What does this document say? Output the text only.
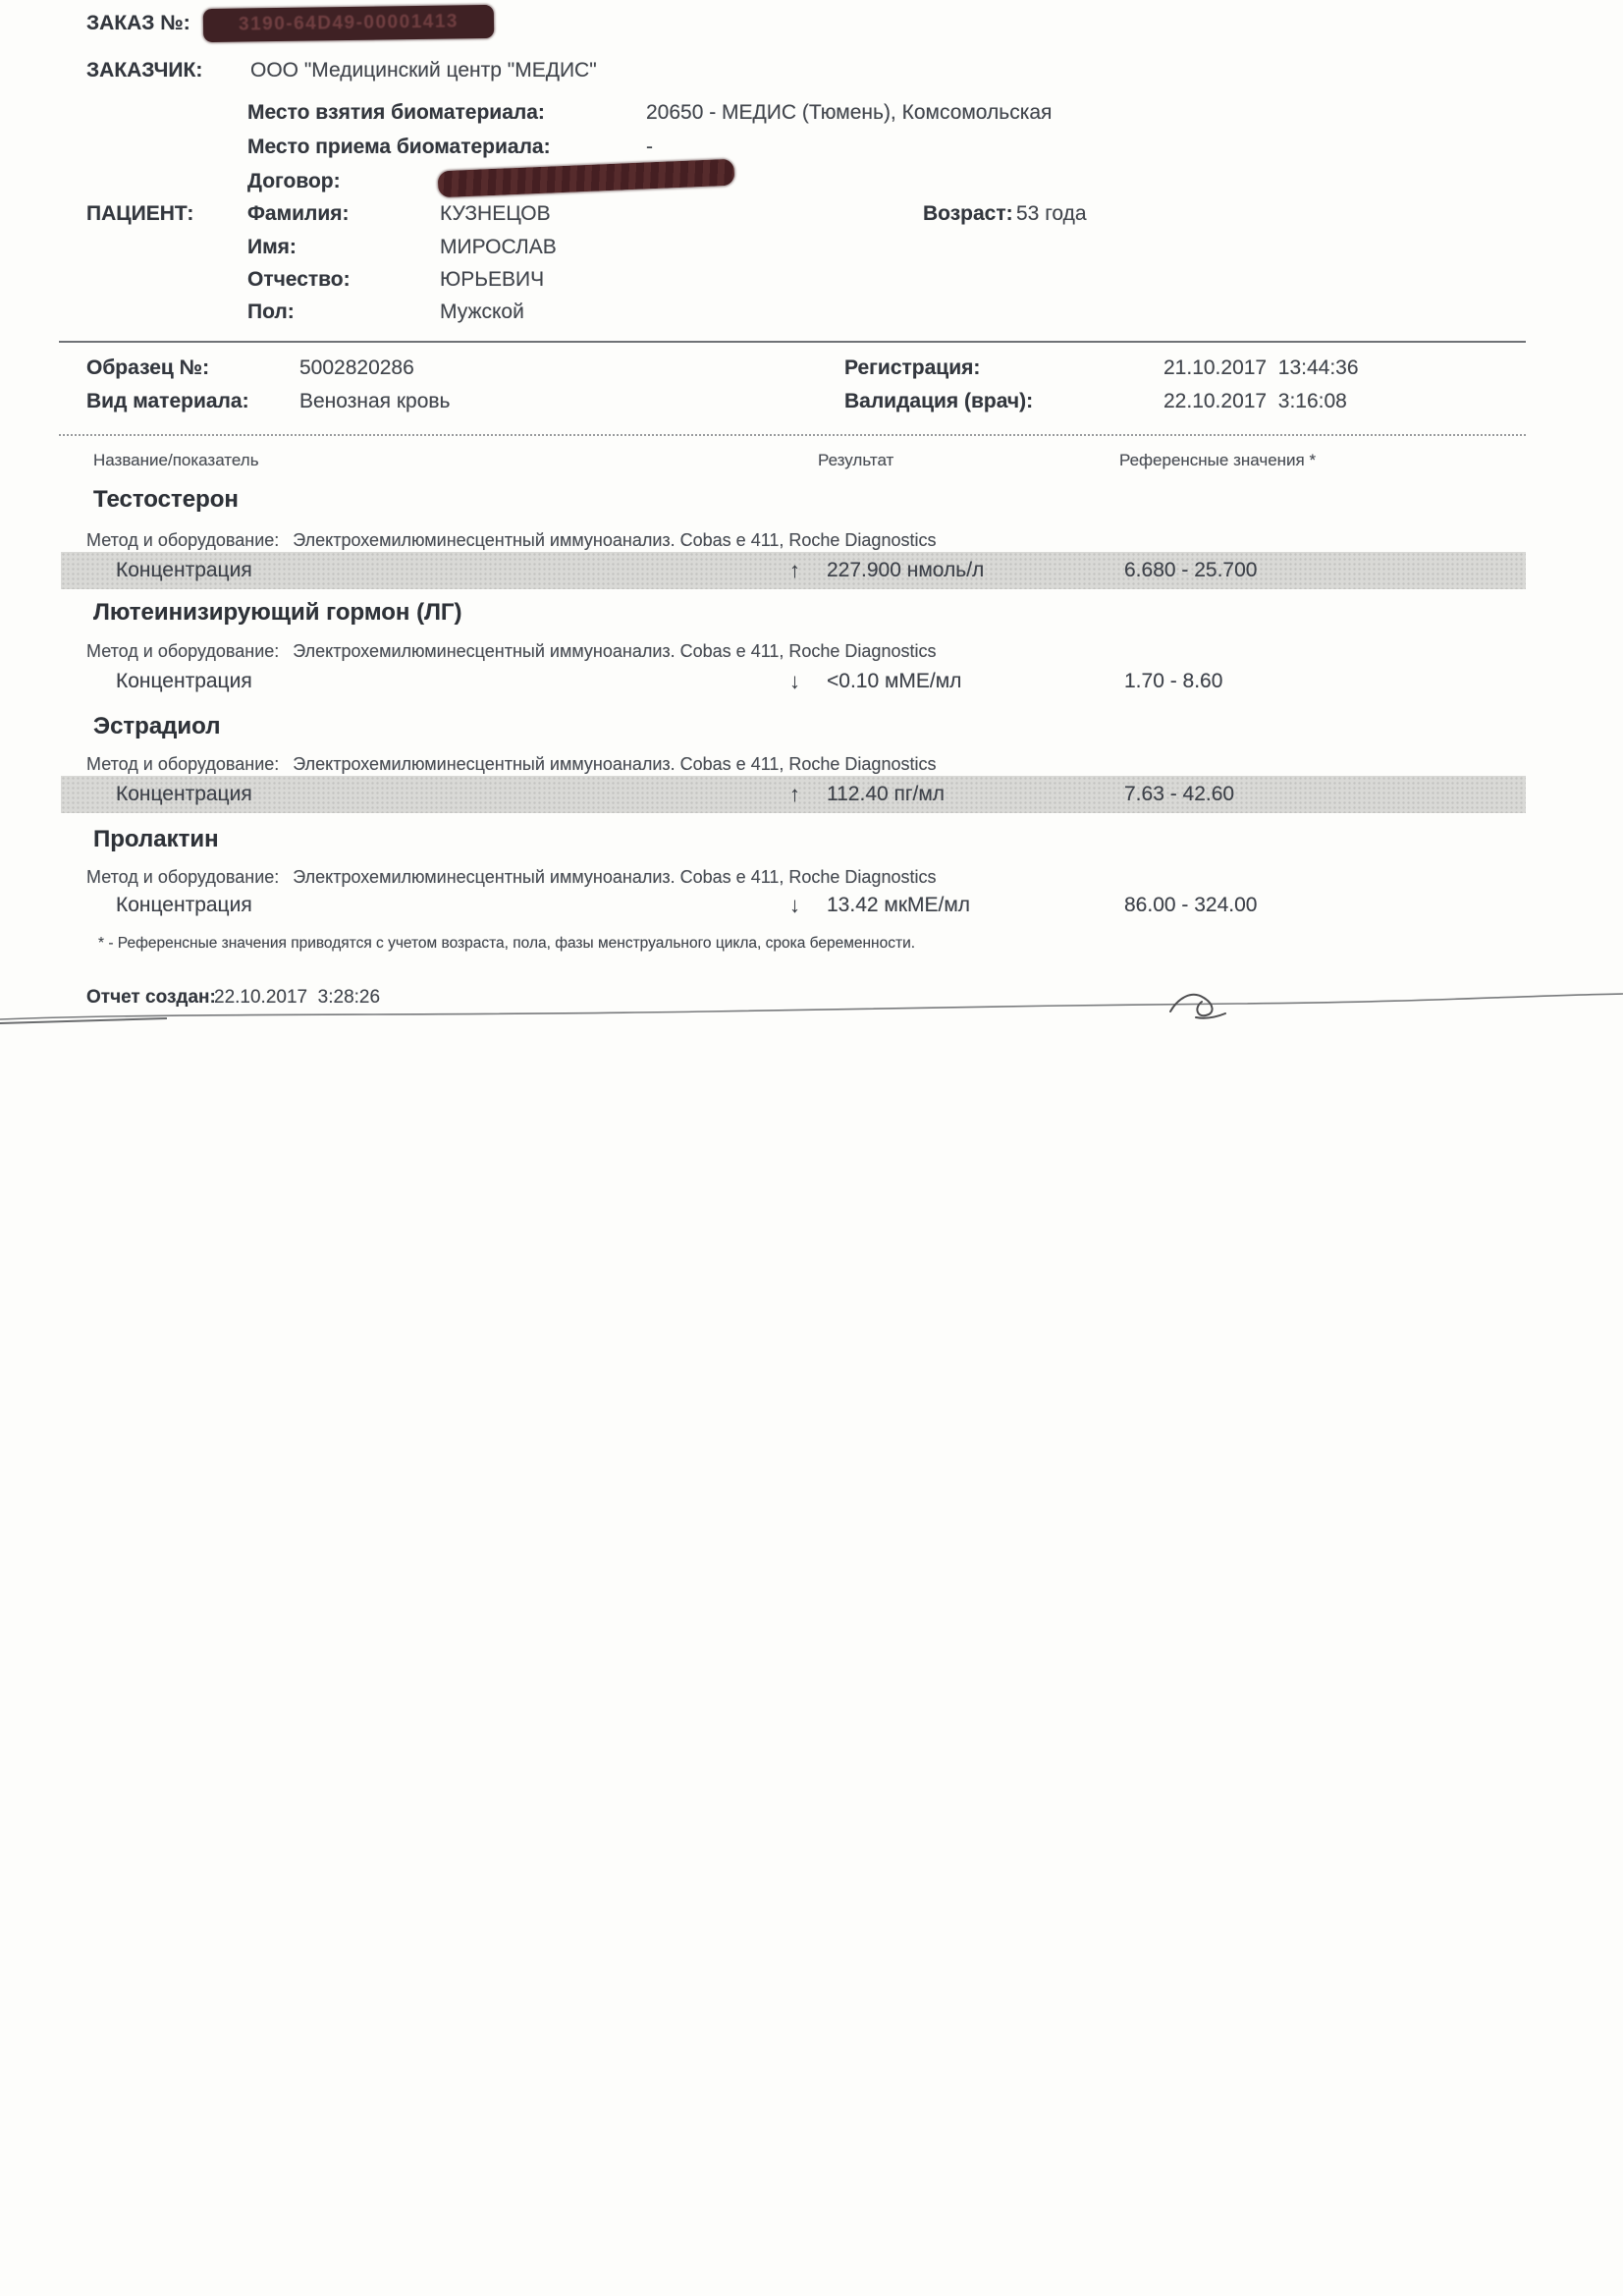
ЗАКАЗ №:	3190-64D49-00001413
ЗАКАЗЧИК: ООО "Медицинский центр "МЕДИС"
Место взятия биоматериала:	20650 - МЕДИС (Тюмень), Комсомольская
Место приема биоматериала:	-
Договор:
ПАЦИЕНТ:	Фамилия:	КУЗНЕЦОВ	Возраст: 53 года
Имя:	МИРОСЛАВ
Отчество:	ЮРЬЕВИЧ
Пол:	Мужской
Образец №:	5002820286	Регистрация:	21.10.2017  13:44:36
Вид материала: Венозная кровь	Валидация (врач):	22.10.2017  3:16:08
Название/показатель	Результат	Референсные значения *
Тестостерон
Метод и оборудование: Электрохемилюминесцентный иммуноанализ. Cobas e 411, Roche Diagnostics
Концентрация	↑ 227.900 нмоль/л	6.680 - 25.700
Лютеинизирующий гормон (ЛГ)
Метод и оборудование: Электрохемилюминесцентный иммуноанализ. Cobas e 411, Roche Diagnostics
Концентрация	↓ <0.10 мМЕ/мл	1.70 - 8.60
Эстрадиол
Метод и оборудование: Электрохемилюминесцентный иммуноанализ. Cobas e 411, Roche Diagnostics
Концентрация	↑ 112.40 пг/мл	7.63 - 42.60
Пролактин
Метод и оборудование: Электрохемилюминесцентный иммуноанализ. Cobas e 411, Roche Diagnostics
Концентрация	↓ 13.42 мкМЕ/мл	86.00 - 324.00
* - Референсные значения приводятся с учетом возраста, пола, фазы менструального цикла, срока беременности.
Отчет создан:
22.10.2017  3:28:26
